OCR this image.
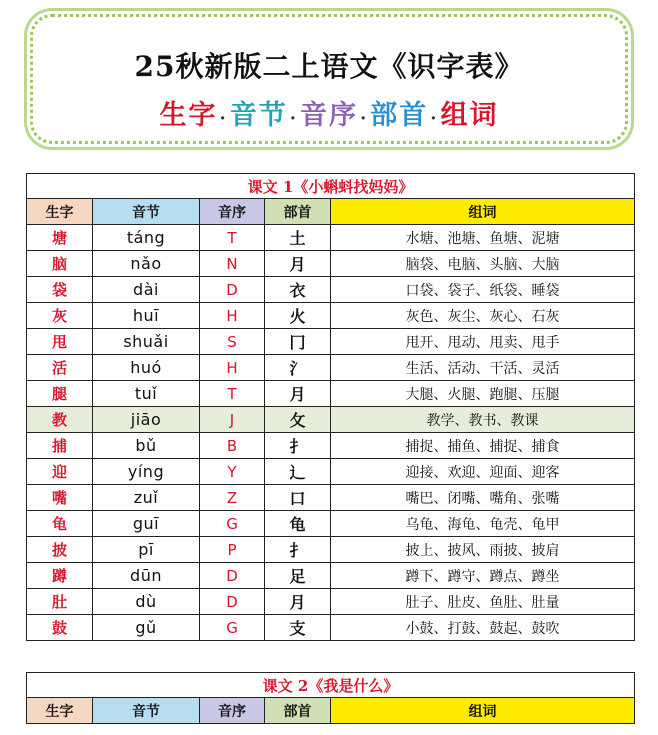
25秋新版二上语文《识字表》
生字 ·音节 ·音序 ·部首 ·组词
课文 1《小蝌蚪找妈妈》				
生字	音节	音序	部首	组词
塘	táng	T	土	水塘、池塘、鱼塘、泥塘
脑	nǎo	N	月	脑袋、电脑、头脑、大脑
袋	dài	D	衣	口袋、袋子、纸袋、睡袋
灰	huī	H	火	灰色、灰尘、灰心、石灰
甩	shuǎi	S	冂	甩开、甩动、甩卖、甩手
活	huó	H	氵	生活、活动、干活、灵活
腿	tuǐ	T	月	大腿、火腿、跑腿、压腿
教	jiāo	J	攵	教学、教书、教课
捕	bǔ	B	扌	捕捉、捕鱼、捕捉、捕食
迎	yíng	Y	辶	迎接、欢迎、迎面、迎客
嘴	zuǐ	Z	口	嘴巴、闭嘴、嘴角、张嘴
龟	guī	G	龟	乌龟、海龟、龟壳、龟甲
披	pī	P	扌	披上、披风、雨披、披肩
蹲	dūn	D	足	蹲下、蹲守、蹲点、蹲坐
肚	dù	D	月	肚子、肚皮、鱼肚、肚量
鼓	gǔ	G	支	小鼓、打鼓、鼓起、鼓吹
课文 2《我是什么》
生字	音节	音序	部首	组词
